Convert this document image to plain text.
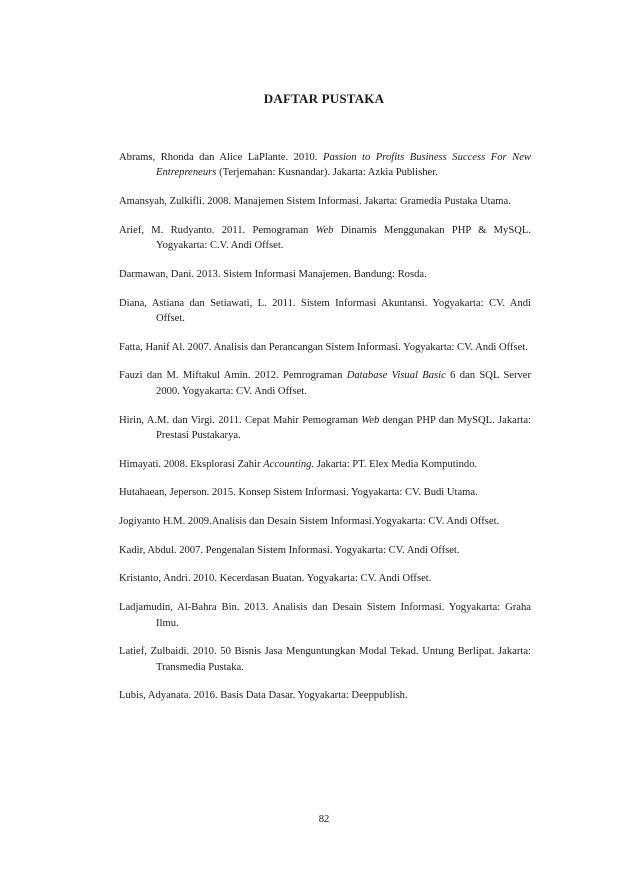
DAFTAR PUSTAKA
Abrams, Rhonda dan Alice LaPlante. 2010. Passion to Profits Business Success For New Entrepreneurs (Terjemahan: Kusnandar). Jakarta: Azkia Publisher.
Amansyah, Zulkifli. 2008. Manajemen Sistem Informasi. Jakarta: Gramedia Pustaka Utama.
Arief, M. Rudyanto. 2011. Pemograman Web Dinamis Menggunakan PHP & MySQL. Yogyakarta: C.V. Andi Offset.
Darmawan, Dani. 2013. Sistem Informasi Manajemen. Bandung: Rosda.
Diana, Astiana dan Setiawati, L. 2011. Sistem Informasi Akuntansi. Yogyakarta: CV. Andi Offset.
Fatta, Hanif Al. 2007. Analisis dan Perancangan Sistem Informasi. Yogyakarta: CV. Andi Offset.
Fauzi dan M. Miftakul Amin. 2012. Pemrograman Database Visual Basic 6 dan SQL Server 2000. Yogyakarta: CV. Andi Offset.
Hirin, A.M. dan Virgi. 2011. Cepat Mahir Pemograman Web dengan PHP dan MySQL. Jakarta: Prestasi Pustakarya.
Himayati. 2008. Eksplorasi Zahir Accounting. Jakarta: PT. Elex Media Komputindo.
Hutahaean, Jeperson. 2015. Konsep Sistem Informasi. Yogyakarta: CV. Budi Utama.
Jogiyanto H.M. 2009.Analisis dan Desain Sistem Informasi.Yogyakarta: CV. Andi Offset.
Kadir, Abdul. 2007. Pengenalan Sistem Informasi. Yogyakarta: CV. Andi Offset.
Kristanto, Andri. 2010. Kecerdasan Buatan. Yogyakarta: CV. Andi Offset.
Ladjamudin, Al-Bahra Bin. 2013. Analisis dan Desain Sistem Informasi. Yogyakarta: Graha Ilmu.
Latief, Zulbaidi. 2010. 50 Bisnis Jasa Menguntungkan Modal Tekad. Untung Berlipat. Jakarta: Transmedia Pustaka.
Lubis, Adyanata. 2016. Basis Data Dasar. Yogyakarta: Deeppublish.
82
